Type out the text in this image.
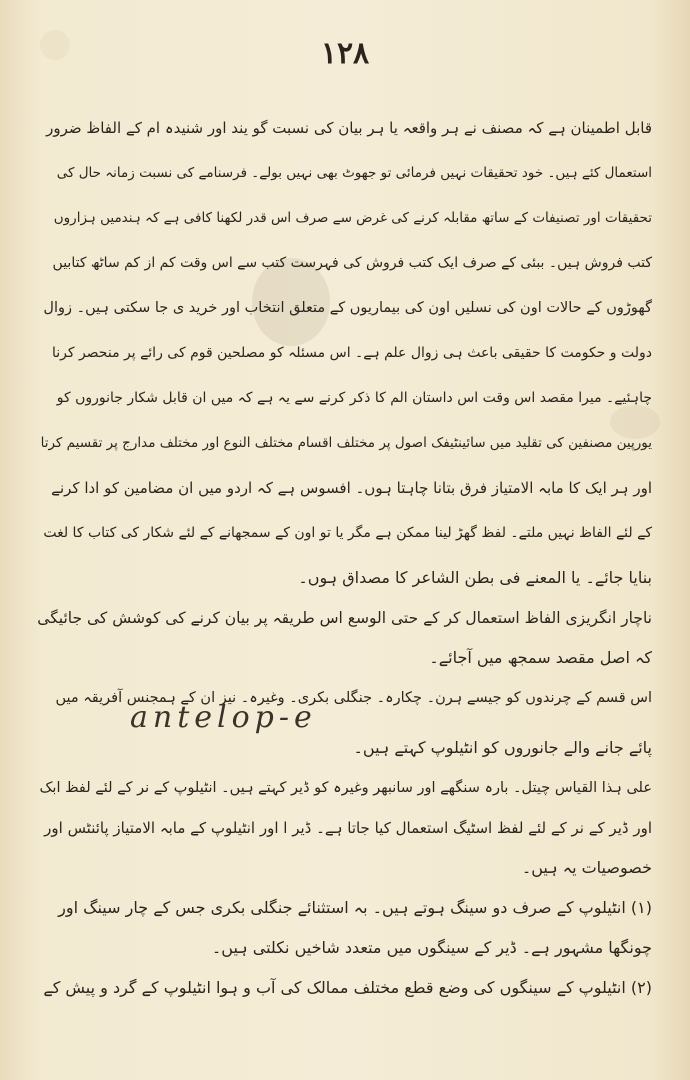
۱۲۸
قابل اطمینان ہے کہ مصنف نے ہر واقعہ یا ہر بیان کی نسبت گو یند اور شنیدہ ام کے الفاظ ضرور
استعمال کئے ہیں۔ خود تحقیقات نہیں فرمائی تو جھوٹ بھی نہیں بولے۔ فرسنامے کی نسبت زمانہ حال کی
تحقیقات اور تصنیفات کے ساتھ مقابلہ کرنے کی غرض سے صرف اس قدر لکھنا کافی ہے کہ ہندمیں ہزاروں
کتب فروش ہیں۔ ببئی کے صرف ایک کتب فروش کی فہرست کتب سے اس وقت کم از کم ساٹھ کتابیں
گھوڑوں کے حالات اون کی نسلیں اون کی بیماریوں کے متعلق انتخاب اور خرید ی جا سکتی ہیں۔ زوال
دولت و حکومت کا حقیقی باعث ہی زوال علم ہے۔ اس مسئلہ کو مصلحین قوم کی رائے پر منحصر کرنا
چاہئیے۔ میرا مقصد اس وقت اس داستان الم کا ذکر کرنے سے یہ ہے کہ میں ان قابل شکار جانوروں کو
یورپین مصنفین کی تقلید میں سائینٹیفک اصول پر مختلف اقسام مختلف النوع اور مختلف مدارج پر تقسیم کرتا
اور ہر ایک کا مابہ الامتیاز فرق بتانا چاہتا ہوں۔ افسوس ہے کہ اردو میں ان مضامین کو ادا کرنے
کے لئے الفاظ نہیں ملتے۔ لفظ گھڑ لینا ممکن ہے مگر یا تو اون کے سمجھانے کے لئے شکار کی کتاب کا لغت
بنایا جائے۔ یا المعنے فی بطن الشاعر کا مصداق ہوں۔
ناچار انگریزی الفاظ استعمال کر کے حتی الوسع اس طریقہ پر بیان کرنے کی کوشش کی جائیگی
کہ اصل مقصد سمجھ میں آجائے۔
اس قسم کے چرندوں کو جیسے ہرن۔ چکارہ۔ جنگلی بکری۔ وغیرہ۔ نیز ان کے ہمجنس آفریقہ میں
پائے جانے والے جانوروں کو انٹیلوپ کہتے ہیں۔
علی ہذا القیاس چیتل۔ بارہ سنگھے اور سانبھر وغیرہ کو ڈیر کہتے ہیں۔ انٹیلوپ کے نر کے لئے لفظ ابک
اور ڈیر کے نر کے لئے لفظ اسٹیگ استعمال کیا جاتا ہے۔ ڈیر ا اور انٹیلوپ کے مابہ الامتیاز پائنٹس اور
خصوصیات یہ ہیں۔
(۱) انٹیلوپ کے صرف دو سینگ ہوتے ہیں۔ بہ استثنائے جنگلی بکری جس کے چار سینگ اور
چونگھا مشہور ہے۔ ڈیر کے سینگوں میں متعدد شاخیں نکلتی ہیں۔
(۲) انٹیلوپ کے سینگوں کی وضع قطع مختلف ممالک کی آب و ہوا انٹیلوپ کے گرد و پیش کے
antelop-e
